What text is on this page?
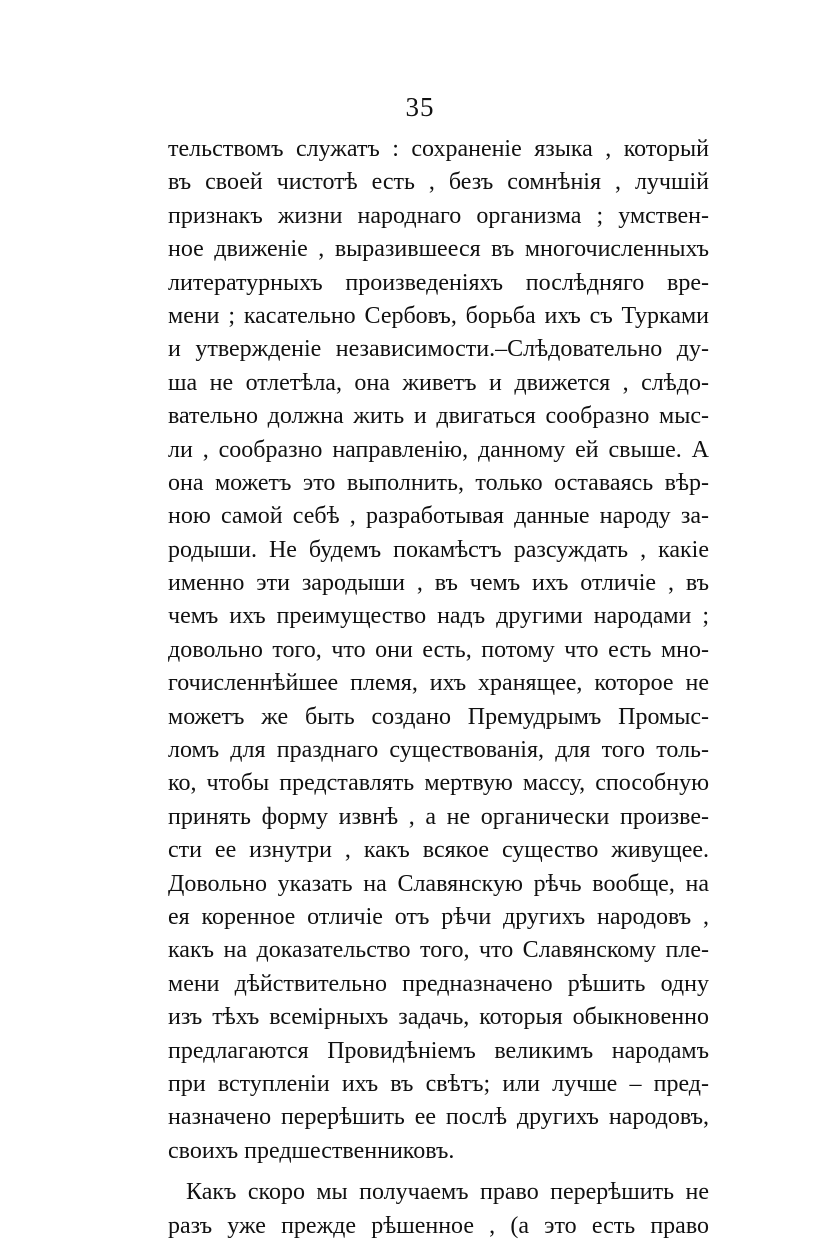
35
тельствомъ служатъ : сохраненіе языка , который
въ своей чистотѣ есть , безъ сомнѣнія , лучшій
признакъ жизни народнаго организма ; умствен-
ное движеніе , выразившееся въ многочисленныхъ
литературныхъ произведеніяхъ послѣдняго вре-
мени ; касательно Сербовъ, борьба ихъ съ Турками
и утвержденіе независимости.–Слѣдовательно ду-
ша не отлетѣла, она живетъ и движется , слѣдо-
вательно должна жить и двигаться сообразно мыс-
ли , сообразно направленію, данному ей свыше. А
она можетъ это выполнить, только оставаясь вѣр-
ною самой себѣ , разработывая данные народу за-
родыши. Не будемъ покамѣстъ разсуждать , какіе
именно эти зародыши , въ чемъ ихъ отличіе , въ
чемъ ихъ преимущество надъ другими народами ;
довольно того, что они есть, потому что есть мно-
гочисленнѣйшее племя, ихъ хранящее, которое не
можетъ же быть создано Премудрымъ Промыс-
ломъ для празднаго существованія, для того толь-
ко, чтобы представлять мертвую массу, способную
принять форму извнѣ , а не органически произве-
сти ее изнутри , какъ всякое существо живущее.
Довольно указать на Славянскую рѣчь вообще, на
ея коренное отличіе отъ рѣчи другихъ народовъ ,
какъ на доказательство того, что Славянскому пле-
мени дѣйствительно предназначено рѣшить одну
изъ тѣхъ всемірныхъ задачь, которыя обыкновенно
предлагаются Провидѣніемъ великимъ народамъ
при вступленіи ихъ въ свѣтъ; или лучше – пред-
назначено перерѣшить ее послѣ другихъ народовъ,
своихъ предшественниковъ.
Какъ скоро мы получаемъ право перерѣшить не
разъ уже прежде рѣшенное , (а это есть право
